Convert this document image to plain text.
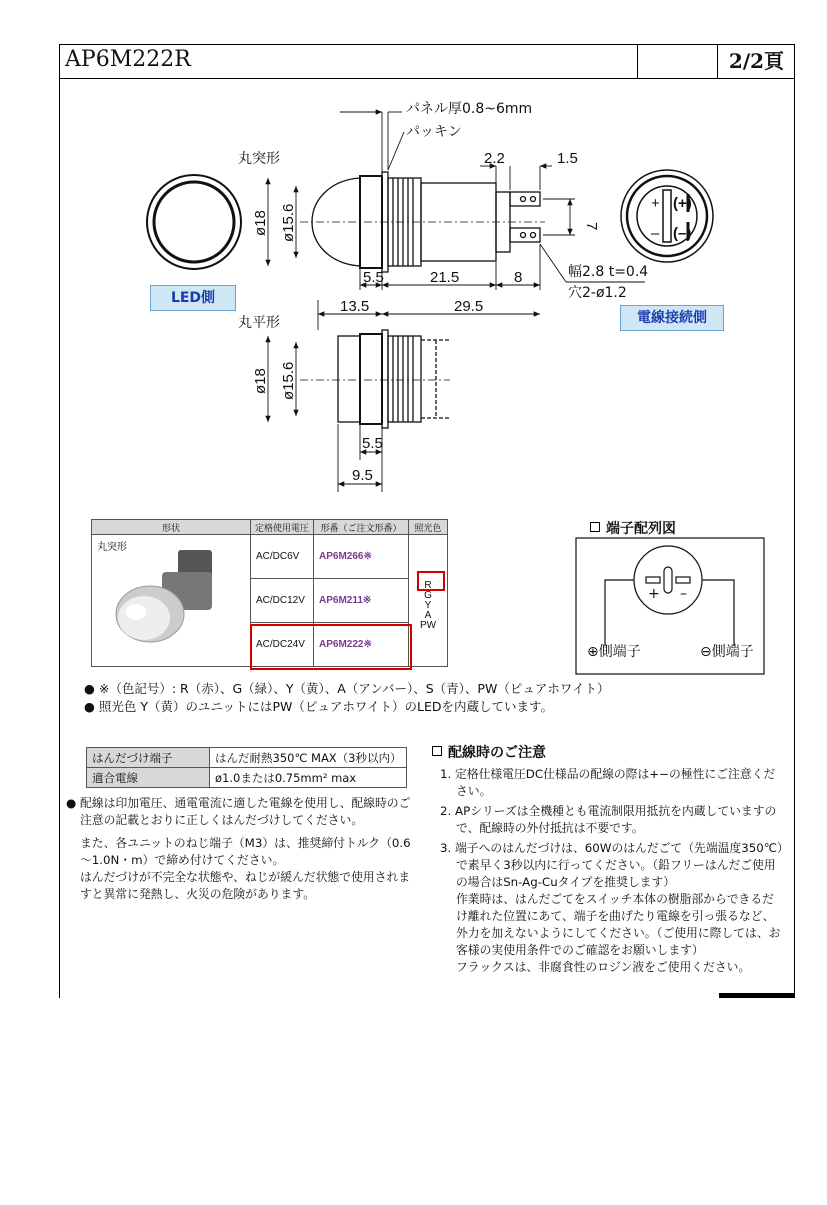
AP6M222R	2/2頁
丸突形
丸平形
パネル厚0.8~6mm
パッキン
ø18 ø15.6
2.2	1.5
7
5.5	21.5	8
13.5	29.5
幅2.8 t=0.4
穴2-ø1.2
ø18 ø15.6
5.5
9.5
+ (+)
– (–)
+ –
⊕側端子	⊖側端子
LED側
電線接続側
端子配列図
形状	定格使用電圧	形番（ご注文形番）	照光色
丸突形	AC/DC6V	AP6M266※	R
G
Y
A
PW

	AC/DC12V	AP6M211※	
	AC/DC24V	AP6M222※	
● ※（色記号）: R（赤）、G（緑）、Y（黄）、A（アンバー）、S（青）、PW（ピュアホワイト）
● 照光色 Y（黄）のユニットにはPW（ピュアホワイト）のLEDを内蔵しています。
はんだづけ端子	はんだ耐熱350℃ MAX（3秒以内）
適合電線	ø1.0または0.75mm² max
● 配線は印加電圧、通電電流に適した電線を使用し、配線時のご注意の記載とおりに正しくはんだづけしてください。
また、各ユニットのねじ端子（M3）は、推奨締付トルク（0.6～1.0N・m）で締め付けてください。
はんだづけが不完全な状態や、ねじが緩んだ状態で使用されますと異常に発熱し、火災の危険があります。
配線時のご注意
1. 定格仕様電圧DC仕様品の配線の際は+−の極性にご注意ください。
2. APシリーズは全機種とも電流制限用抵抗を内蔵していますので、配線時の外付抵抗は不要です。
3. 端子へのはんだづけは、60Wのはんだごて（先端温度350℃）で素早く3秒以内に行ってください。（鉛フリーはんだご使用の場合はSn-Ag-Cuタイプを推奨します）
作業時は、はんだごてをスイッチ本体の樹脂部からできるだけ離れた位置にあて、端子を曲げたり電線を引っ張るなど、外力を加えないようにしてください。（ご使用に際しては、お客様の実使用条件でのご確認をお願いします）
フラックスは、非腐食性のロジン液をご使用ください。
